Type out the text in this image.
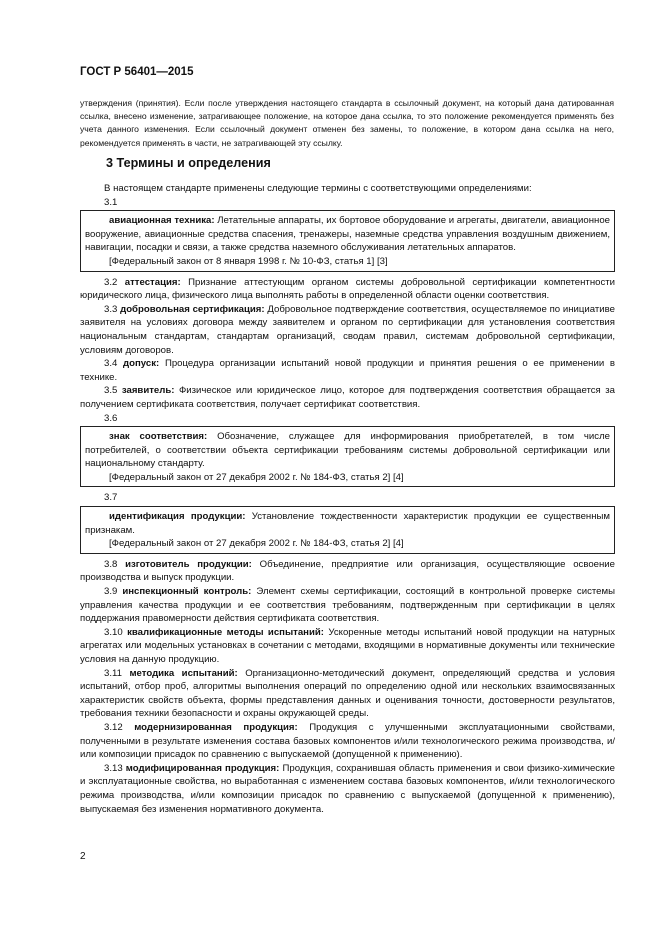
ГОСТ Р 56401—2015

утверждения (принятия). Если после утверждения настоящего стандарта в ссылочный документ, на который дана датированная ссылка, внесено изменение, затрагивающее положение, на которое дана ссылка, то это положение рекомендуется применять без учета данного изменения. Если ссылочный документ отменен без замены, то положение, в котором дана ссылка на него, рекомендуется применять в части, не затрагивающей эту ссылку.

3 Термины и определения

В настоящем стандарте применены следующие термины с соответствующими определениями:

3.1

авиационная техника: Летательные аппараты, их бортовое оборудование и агрегаты, двигатели, авиационное вооружение, авиационные средства спасения, тренажеры, наземные средства управления воздушным движением, навигации, посадки и связи, а также средства наземного обслуживания летательных аппаратов.

[Федеральный закон от 8 января 1998 г. № 10-ФЗ, статья 1] [3]

3.2 аттестация: Признание аттестующим органом системы добровольной сертификации компетентности юридического лица, физического лица выполнять работы в определенной области оценки соответствия.

3.3 добровольная сертификация: Добровольное подтверждение соответствия, осуществляемое по инициативе заявителя на условиях договора между заявителем и органом по сертификации для установления соответствия национальным стандартам, стандартам организаций, сводам правил, системам добровольной сертификации, условиям договоров.

3.4 допуск: Процедура организации испытаний новой продукции и принятия решения о ее применении в технике.

3.5 заявитель: Физическое или юридическое лицо, которое для подтверждения соответствия обращается за получением сертификата соответствия, получает сертификат соответствия.

3.6

знак соответствия: Обозначение, служащее для информирования приобретателей, в том числе потребителей, о соответствии объекта сертификации требованиям системы добровольной сертификации или национальному стандарту.

[Федеральный закон от 27 декабря 2002 г. № 184-ФЗ, статья 2] [4]

3.7

идентификация продукции: Установление тождественности характеристик продукции ее существенным признакам.

[Федеральный закон от 27 декабря 2002 г. № 184-ФЗ, статья 2] [4]

3.8 изготовитель продукции: Объединение, предприятие или организация, осуществляющие освоение производства и выпуск продукции.

3.9 инспекционный контроль: Элемент схемы сертификации, состоящий в контрольной проверке системы управления качества продукции и ее соответствия требованиям, подтвержденным при сертификации в целях поддержания правомерности действия сертификата соответствия.

3.10 квалификационные методы испытаний: Ускоренные методы испытаний новой продукции на натурных агрегатах или модельных установках в сочетании с методами, входящими в нормативные документы или технические условия на данную продукцию.

3.11 методика испытаний: Организационно-методический документ, определяющий средства и условия испытаний, отбор проб, алгоритмы выполнения операций по определению одной или нескольких взаимосвязанных характеристик свойств объекта, формы представления данных и оценивания точности, достоверности результатов, требования техники безопасности и охраны окружающей среды.

3.12 модернизированная продукция: Продукция с улучшенными эксплуатационными свойствами, полученными в результате изменения состава базовых компонентов и/или технологического режима производства, и/или композиции присадок по сравнению с выпускаемой (допущенной к применению).

3.13 модифицированная продукция: Продукция, сохранившая область применения и свои физико-химические и эксплуатационные свойства, но выработанная с изменением состава базовых компонентов, и/или технологического режима производства, и/или композиции присадок по сравнению с выпускаемой (допущенной к применению), выпускаемая без изменения нормативного документа.

2
